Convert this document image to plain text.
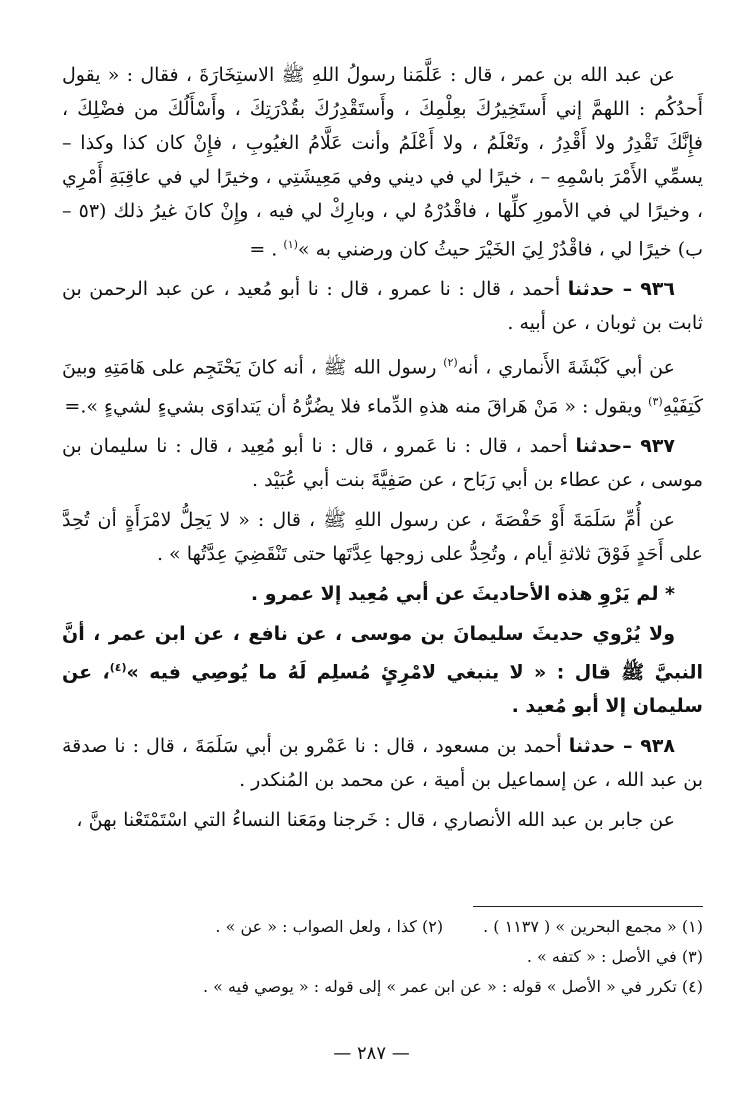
عن عبد الله بن عمر ، قال : عَلَّمَنا رسولُ اللهِ ﷺ الاستِخَارَةَ ، فقال : « يقول أَحدُكُم : اللهمَّ إني أَستَخِيرُكَ بعِلْمِكَ ، وأَستَقْدِرُكَ بقُدْرَتِكَ ، وأَسْأَلُكَ من فضْلِكَ ، فإِنَّكَ تَقْدِرُ ولا أَقْدِرُ ، وتَعْلَمُ ، ولا أَعْلَمُ وأنت عَلَّامُ الغيُوبِ ، فإِنْ كان كذا وكذا – يسمِّي الأَمْرَ باسْمِهِ – ، خيرًا لي في ديني وفي مَعِيشَتِي ، وخيرًا لي في عاقِبَةِ أَمْرِي ، وخيرًا لي في الأمورِ كلِّها ، فاقْدُرْهُ لي ، وبارِكْ لي فيه ، وإِنْ كانَ غيرُ ذلك (٥٣ – ب) خيرًا لي ، فاقْدُرْ لِيَ الخَيْرَ حيثُ كان ورضني به »$^{(١)}$ . =

٩٣٦ – حدثنا أحمد ، قال : نا عمرو ، قال : نا أبو مُعيد ، عن عبد الرحمن بن ثابت بن ثوبان ، عن أبيه .

عن أبي كَبْشَةَ الأَنماري ، أنه$^{(٢)}$ رسول الله ﷺ ، أنه كانَ يَحْتَجِم على هَامَتِهِ وبينَ كَتِفَيْهِ$^{(٣)}$ ويقول : « مَنْ هَراقَ منه هذهِ الدِّماء فلا يضُرُّهُ أن يَتداوَى بشيءٍ لشيءٍ ».=

٩٣٧ –حدثنا أحمد ، قال : نا عَمرو ، قال : نا أبو مُعِيد ، قال : نا سليمان بن موسى ، عن عطاء بن أبي رَبَاح ، عن صَفِيَّةَ بنت أبي عُبَيْد .

عن أُمِّ سَلَمَةَ أَوْ حَفْصَةَ ، عن رسول اللهِ ﷺ ، قال : « لا يَحِلُّ لامْرَأَةٍ أن تُحِدَّ على أَحَدٍ فَوْقَ ثلاثةِ أيام ، وتُحِدُّ على زوجها عِدَّتَها حتى تَنْقَضِيَ عِدَّتُها » .

* لم يَرْوِ هذه الأحاديثَ عن أبي مُعِيد إلا عمرو .

ولا يُرْوي حديثَ سليمانَ بن موسى ، عن نافع ، عن ابن عمر ، أنَّ النبيَّ ﷺ قال : « لا ينبغي لامْرِئٍ مُسلِم لَهُ ما يُوصِي فيه »$^{(٤)}$، عن سليمان إلا أبو مُعيد .

٩٣٨ – حدثنا أحمد بن مسعود ، قال : نا عَمْرو بن أبي سَلَمَةَ ، قال : نا صدقة بن عبد الله ، عن إسماعيل بن أمية ، عن محمد بن المُنكدر .

عن جابر بن عبد الله الأنصاري ، قال : خَرجنا ومَعَنا النساءُ التي اسْتَمْتَعْنا بهنَّ ،

(١) « مجمع البحرين » ( ١١٣٧ ) .
(٢) كذا ، ولعل الصواب : « عن » .
(٣) في الأصل : « كتفه » .
(٤) تكرر في « الأصل » قوله : « عن ابن عمر » إلى قوله : « يوصي فيه » .
— ٢٨٧ —
